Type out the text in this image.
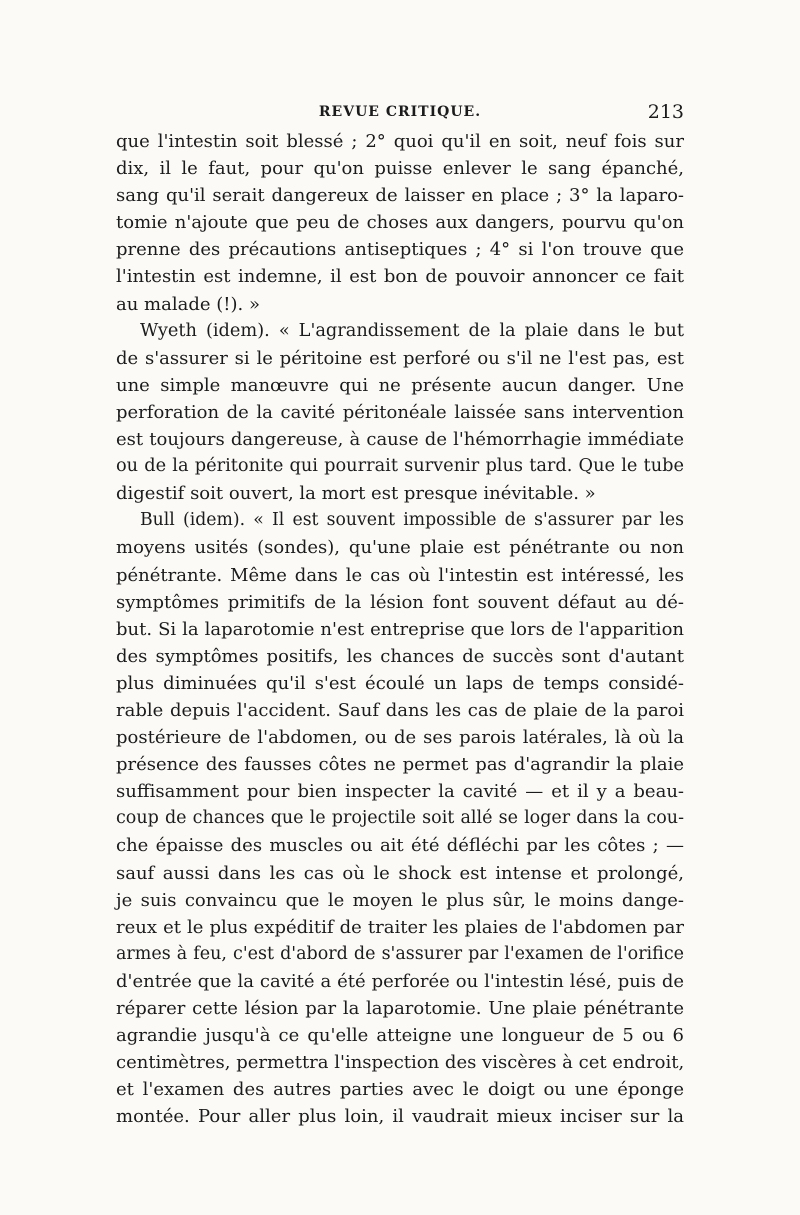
REVUE CRITIQUE.	213
que l'intestin soit blessé ; 2° quoi qu'il en soit, neuf fois sur
dix, il le faut, pour qu'on puisse enlever le sang épanché,
sang qu'il serait dangereux de laisser en place ; 3° la laparo-
tomie n'ajoute que peu de choses aux dangers, pourvu qu'on
prenne des précautions antiseptiques ; 4° si l'on trouve que
l'intestin est indemne, il est bon de pouvoir annoncer ce fait
au malade (!). »
Wyeth (idem). « L'agrandissement de la plaie dans le but
de s'assurer si le péritoine est perforé ou s'il ne l'est pas, est
une simple manœuvre qui ne présente aucun danger. Une
perforation de la cavité péritonéale laissée sans intervention
est toujours dangereuse, à cause de l'hémorrhagie immédiate
ou de la péritonite qui pourrait survenir plus tard. Que le tube
digestif soit ouvert, la mort est presque inévitable. »
Bull (idem). « Il est souvent impossible de s'assurer par les
moyens usités (sondes), qu'une plaie est pénétrante ou non
pénétrante. Même dans le cas où l'intestin est intéressé, les
symptômes primitifs de la lésion font souvent défaut au dé-
but. Si la laparotomie n'est entreprise que lors de l'apparition
des symptômes positifs, les chances de succès sont d'autant
plus diminuées qu'il s'est écoulé un laps de temps considé-
rable depuis l'accident. Sauf dans les cas de plaie de la paroi
postérieure de l'abdomen, ou de ses parois latérales, là où la
présence des fausses côtes ne permet pas d'agrandir la plaie
suffisamment pour bien inspecter la cavité — et il y a beau-
coup de chances que le projectile soit allé se loger dans la cou-
che épaisse des muscles ou ait été défléchi par les côtes ; —
sauf aussi dans les cas où le shock est intense et prolongé,
je suis convaincu que le moyen le plus sûr, le moins dange-
reux et le plus expéditif de traiter les plaies de l'abdomen par
armes à feu, c'est d'abord de s'assurer par l'examen de l'orifice
d'entrée que la cavité a été perforée ou l'intestin lésé, puis de
réparer cette lésion par la laparotomie. Une plaie pénétrante
agrandie jusqu'à ce qu'elle atteigne une longueur de 5 ou 6
centimètres, permettra l'inspection des viscères à cet endroit,
et l'examen des autres parties avec le doigt ou une éponge
montée. Pour aller plus loin, il vaudrait mieux inciser sur la
